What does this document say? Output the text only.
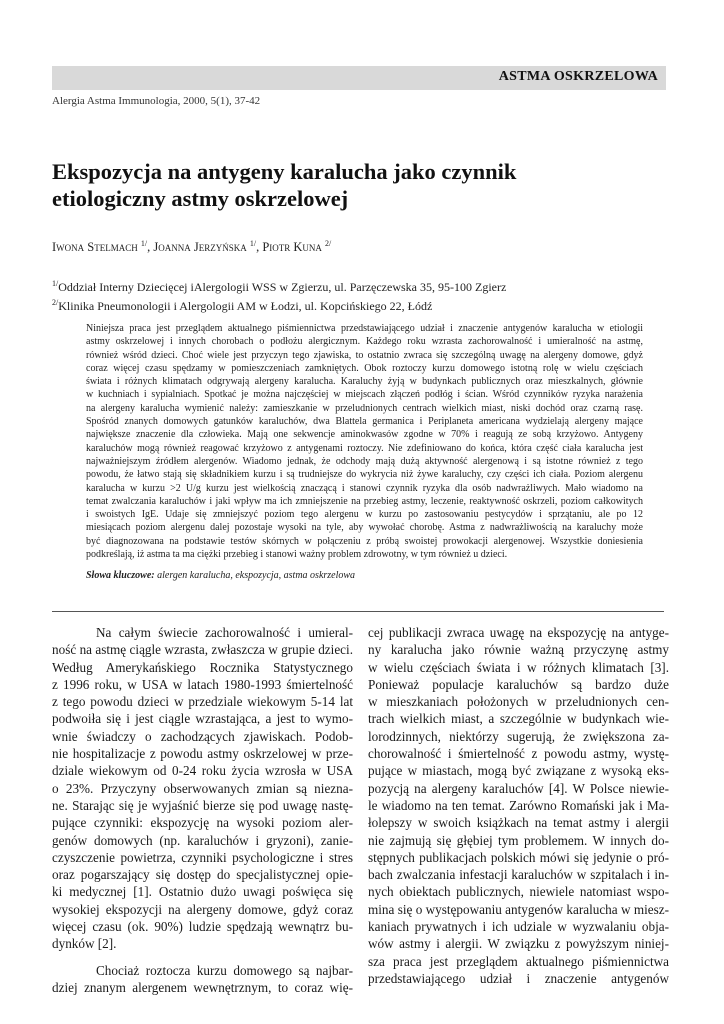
ASTMA OSKRZELOWA
Alergia Astma Immunologia, 2000, 5(1), 37-42
Ekspozycja na antygeny karalucha jako czynnik
etiologiczny astmy oskrzelowej
Iwona Stelmach $^{1/}$, Joanna Jerzyńska $^{1/}$, Piotr Kuna $^{2/}$

$^{1/}$Oddział Interny Dziecięcej iAlergologii WSS w Zgierzu, ul. Parzęczewska 35, 95-100 Zgierz

$^{2/}$Klinika Pneumonologii i Alergologii AM w Łodzi, ul. Kopcińskiego 22, Łódź

Niniejsza praca jest przeglądem aktualnego piśmiennictwa przedstawiającego udział i znaczenie antygenów karalucha w etiologii
astmy oskrzelowej i innych chorobach o podłożu alergicznym. Każdego roku wzrasta zachorowalność i umieralność na astmę,
również wśród dzieci. Choć wiele jest przyczyn tego zjawiska, to ostatnio zwraca się szczególną uwagę na alergeny domowe, gdyż
coraz więcej czasu spędzamy w pomieszczeniach zamkniętych. Obok roztoczy kurzu domowego istotną rolę w wielu częściach
świata i różnych klimatach odgrywają alergeny karalucha. Karaluchy żyją w budynkach publicznych oraz mieszkalnych, głównie
w kuchniach i sypialniach. Spotkać je można najczęściej w miejscach złączeń podłóg i ścian. Wśród czynników ryzyka narażenia
na alergeny karalucha wymienić należy: zamieszkanie w przeludnionych centrach wielkich miast, niski dochód oraz czarną rasę.
Spośród znanych domowych gatunków karaluchów, dwa Blattela germanica i Periplaneta americana wydzielają alergeny mające
największe znaczenie dla człowieka. Mają one sekwencje aminokwasów zgodne w 70% i reagują ze sobą krzyżowo. Antygeny
karaluchów mogą również reagować krzyżowo z antygenami roztoczy. Nie zdefiniowano do końca, która część ciała karalucha jest
najważniejszym źródłem alergenów. Wiadomo jednak, że odchody mają dużą aktywność alergenową i są istotne również z tego
powodu, że łatwo stają się składnikiem kurzu i są trudniejsze do wykrycia niż żywe karaluchy, czy części ich ciała. Poziom alergenu
karalucha w kurzu >2 U/g kurzu jest wielkością znaczącą i stanowi czynnik ryzyka dla osób nadwrażliwych. Mało wiadomo na
temat zwalczania karaluchów i jaki wpływ ma ich zmniejszenie na przebieg astmy, leczenie, reaktywność oskrzeli, poziom całkowitych
i swoistych IgE. Udaje się zmniejszyć poziom tego alergenu w kurzu po zastosowaniu pestycydów i sprzątaniu, ale po 12
miesiącach poziom alergenu dalej pozostaje wysoki na tyle, aby wywołać chorobę. Astma z nadwrażliwością na karaluchy może
być diagnozowana na podstawie testów skórnych w połączeniu z próbą swoistej prowokacji alergenowej. Wszystkie doniesienia
podkreślają, iż astma ta ma ciężki przebieg i stanowi ważny problem zdrowotny, w tym również u dzieci.
Słowa kluczowe: alergen karalucha, ekspozycja, astma oskrzelowa
Na całym świecie zachorowalność i umieral-
ność na astmę ciągle wzrasta, zwłaszcza w grupie dzieci.
Według Amerykańskiego Rocznika Statystycznego
z 1996 roku, w USA w latach 1980-1993 śmiertelność
z tego powodu dzieci w przedziale wiekowym 5-14 lat
podwoiła się i jest ciągle wzrastająca, a jest to wymo-
wnie świadczy o zachodzących zjawiskach. Podob-
nie hospitalizacje z powodu astmy oskrzelowej w prze-
dziale wiekowym od 0-24 roku życia wzrosła w USA
o 23%. Przyczyny obserwowanych zmian są niezna-
ne. Starając się je wyjaśnić bierze się pod uwagę nastę-
pujące czynniki: ekspozycję na wysoki poziom aler-
genów domowych (np. karaluchów i gryzoni), zanie-
czyszczenie powietrza, czynniki psychologiczne i stres
oraz pogarszający się dostęp do specjalistycznej opie-
ki medycznej [1]. Ostatnio dużo uwagi poświęca się
wysokiej ekspozycji na alergeny domowe, gdyż coraz
więcej czasu (ok. 90%) ludzie spędzają wewnątrz bu-
dynków [2].
Chociaż roztocza kurzu domowego są najbar-
dziej znanym alergenem wewnętrznym, to coraz wię-
cej publikacji zwraca uwagę na ekspozycję na antyge-
ny karalucha jako równie ważną przyczynę astmy
w wielu częściach świata i w różnych klimatach [3].
Ponieważ populacje karaluchów są bardzo duże
w mieszkaniach położonych w przeludnionych cen-
trach wielkich miast, a szczególnie w budynkach wie-
lorodzinnych, niektórzy sugerują, że zwiększona za-
chorowalność i śmiertelność z powodu astmy, wystę-
pujące w miastach, mogą być związane z wysoką eks-
pozycją na alergeny karaluchów [4]. W Polsce niewie-
le wiadomo na ten temat. Zarówno Romański jak i Ma-
łolepszy w swoich książkach na temat astmy i alergii
nie zajmują się głębiej tym problemem. W innych do-
stępnych publikacjach polskich mówi się jedynie o pró-
bach zwalczania infestacji karaluchów w szpitalach i in-
nych obiektach publicznych, niewiele natomiast wspo-
mina się o występowaniu antygenów karalucha w miesz-
kaniach prywatnych i ich udziale w wyzwalaniu obja-
wów astmy i alergii. W związku z powyższym niniej-
sza praca jest przeglądem aktualnego piśmiennictwa
przedstawiającego udział i znaczenie antygenów
